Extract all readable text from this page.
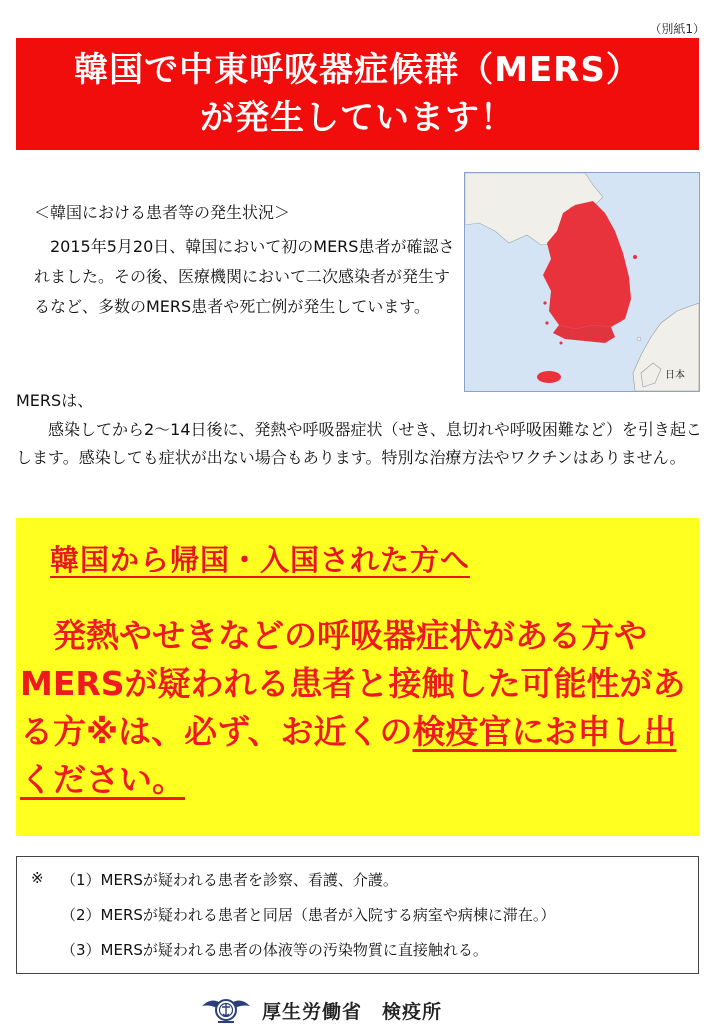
（別紙1）
韓国で中東呼吸器症候群（MERS）
が発生しています！
＜韓国における患者等の発生状況＞

2015年5月20日、韓国において初のMERS患者が確認されました。その後、医療機関において二次感染者が発生するなど、多数のMERS患者や死亡例が発生しています。

日本
MERSは、

感染してから2～14日後に、発熱や呼吸器症状（せき、息切れや呼吸困難など）を引き起こします。感染しても症状が出ない場合もあります。特別な治療方法やワクチンはありません。

韓国から帰国・入国された方へ

　発熱やせきなどの呼吸器症状がある方やMERSが疑われる患者と接触した可能性がある方※は、必ず、お近くの検疫官にお申し出ください。

※ （1）MERSが疑われる患者を診察、看護、介護。
（2）MERSが疑われる患者と同居（患者が入院する病室や病棟に滞在。）
（3）MERSが疑われる患者の体液等の汚染物質に直接触れる。
厚生労働省　検疫所
